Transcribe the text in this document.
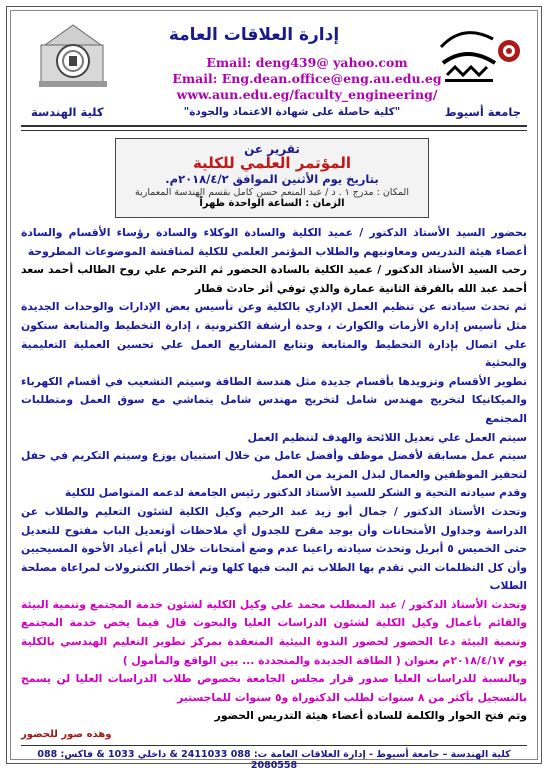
إدارة العلاقات العامة
Email: deng439@ yahoo.com
Email: Eng.dean.office@eng.au.edu.eg
www.aun.edu.eg/faculty_engineering/
جامعة أسيوط
"كلية حاصلة على شهادة الاعتماد والجودة"
كلية الهندسة
تقرير عن
المؤتمر العلمي للكلية
بتاريخ يوم الأثنين الموافق ٢٠١٨/٤/٢م.
المكان : مدرج ١ . د / عبد المنعم حسن كامل بقسم الهندسة المعمارية
الزمان : الساعة الواحدة ظهراً

بحضور السيد الأستاذ الدكتور / عميد الكلية والسادة الوكلاء والسادة رؤساء الأقسام والسادة أعضاء هيئة التدريس ومعاونيهم والطلاب المؤتمر العلمي للكلية لمناقشة الموضوعات المطروحة

رحب السيد الأستاذ الدكتور / عميد الكلية بالسادة الحضور ثم الترحم علي روح الطالب أحمد سعد أحمد عبد الله بالفرقة الثانية عمارة والذي توفي أثر حادث قطار

ثم تحدث سيادته عن تنظيم العمل الإداري بالكلية وعن تأسيس بعض الإدارات والوحدات الجديدة مثل تأسيس إدارة الأزمات والكوارث ، وحدة أرشفة الكترونية ، إدارة التخطيط والمتابعة ستكون علي اتصال بإدارة التخطيط والمتابعة وتتابع المشاريع العمل علي تحسين العملية التعليمية والبحثية

تطوير الأقسام وتزويدها بأقسام جديدة مثل هندسة الطاقة وسيتم التشعيب في أقسام الكهرباء والميكانيكا لتخريج مهندس شامل لتخريج مهندس شامل يتماشي مع سوق العمل ومتطلبات المجتمع

سيتم العمل علي تعديل اللائحة والهدف لتنظيم العمل

سيتم عمل مسابقة لأفضل موظف وأفضل عامل من خلال استبيان يوزع وسيتم التكريم في حفل لتحفيز الموظفين والعمال لبذل المزيد من العمل

وقدم سيادته التحية و الشكر للسيد الأستاذ الدكتور رئيس الجامعة لدعمه المتواصل للكلية

وتحدث الأستاذ الدكتور / جمال أبو زيد عبد الرحيم وكيل الكلية لشئون التعليم والطلاب عن الدراسة وجداول الأمتحانات وأن يوجد مقرح للجدول أي ملاحظات أوتعديل الباب مفتوح للتعديل حتى الخميس ٥ أبريل وتحدث سيادته راعينا عدم وضع أمتحانات خلال أيام أعياد الأخوة المسيحيين وأن كل التظلمات التي تقدم بها الطلاب تم البت فيها كلها وتم أخطار الكنترولات لمراعاة مصلحة الطلاب

وتحدث الأستاذ الدكتور / عبد المنطلب محمد علي وكيل الكلية لشئون خدمة المجتمع وتنمية البيئة والقائم بأعمال وكيل الكلية لشئون الدراسات العليا والبحوث قال فيما يخص خدمة المجتمع وتنمية البيئة دعا الحضور لحضور الندوة البيئية المنعقدة بمركز تطوير التعليم الهندسي بالكلية يوم ٢٠١٨/٤/١٧م بعنوان ( الطاقة الجديدة والمتجددة ... بين الواقع والمأمول )

وبالنسبة للدراسات العليا صدور قرار مجلس الجامعة بخصوص طلاب الدراسات العليا لن يسمح بالتسجيل بأكثر من ٨ سنوات لطلب الدكتوراة و٥ سنوات للماجستير

وتم فتح الحوار والكلمة للسادة أعضاء هيئة التدريس الحضور

وهذه صور للحضور

كلية الهندسة – جامعة أسيوط - إدارة العلاقات العامة ت: 088 2411033 & داخلي 1033 & فاكس: 088 2080558
